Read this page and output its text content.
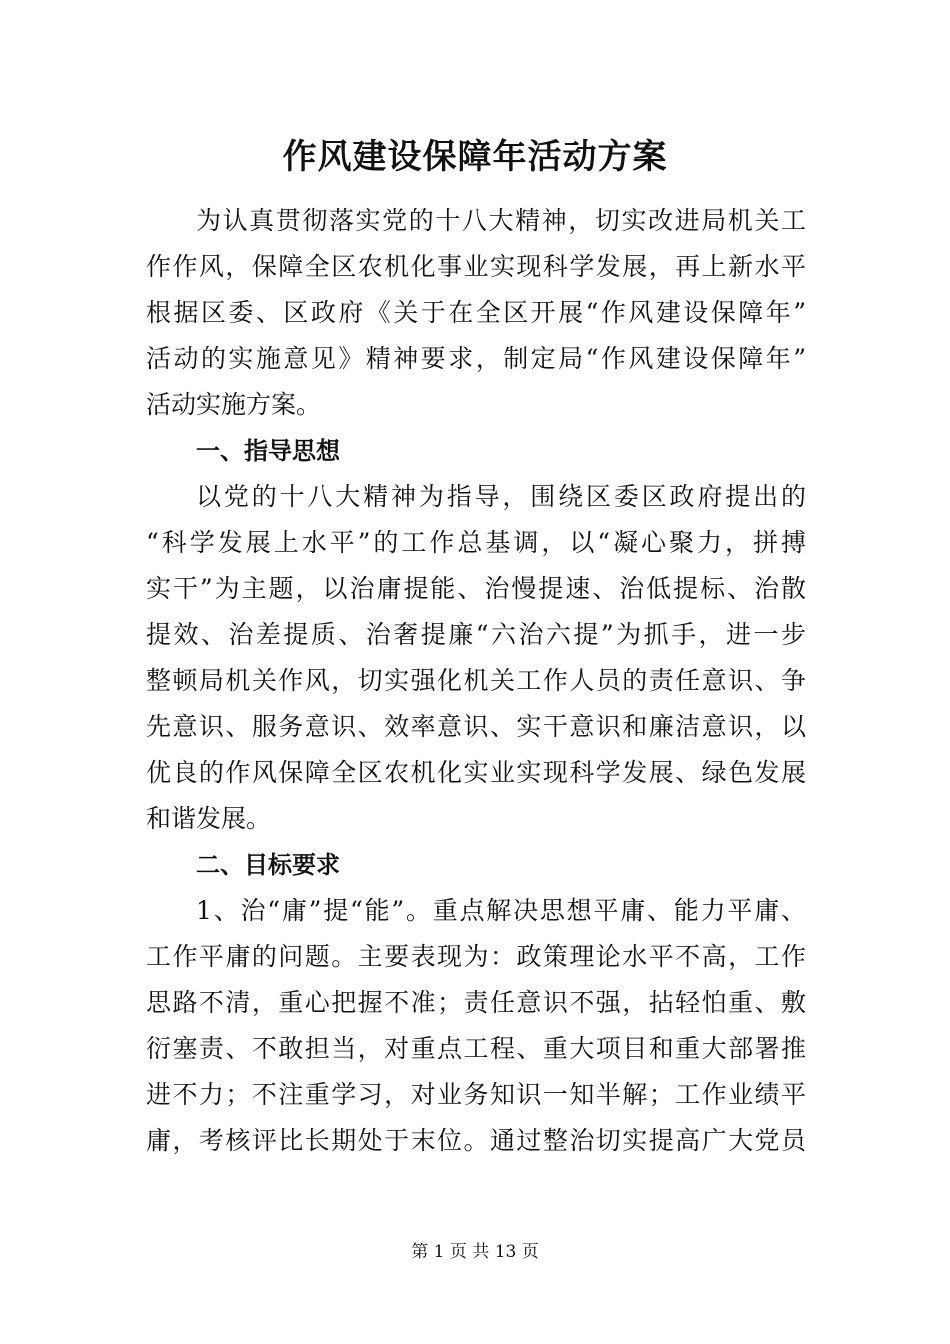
作风建设保障年活动方案
为认真贯彻落实党的十八大精神，切实改进局机关工
作作风，保障全区农机化事业实现科学发展，再上新水平
根据区委、区政府《关于在全区开展“作风建设保障年”
活动的实施意见》精神要求，制定局“作风建设保障年”
活动实施方案。
一、指导思想
以党的十八大精神为指导，围绕区委区政府提出的
“科学发展上水平”的工作总基调，以“凝心聚力，拼搏
实干”为主题，以治庸提能、治慢提速、治低提标、治散
提效、治差提质、治奢提廉“六治六提”为抓手，进一步
整顿局机关作风，切实强化机关工作人员的责任意识、争
先意识、服务意识、效率意识、实干意识和廉洁意识，以
优良的作风保障全区农机化实业实现科学发展、绿色发展
和谐发展。
二、目标要求
1、治“庸”提“能”。重点解决思想平庸、能力平庸、
工作平庸的问题。主要表现为：政策理论水平不高，工作
思路不清，重心把握不准；责任意识不强，拈轻怕重、敷
衍塞责、不敢担当，对重点工程、重大项目和重大部署推
进不力；不注重学习，对业务知识一知半解；工作业绩平
庸，考核评比长期处于末位。通过整治切实提高广大党员
第 1 页 共 13 页
